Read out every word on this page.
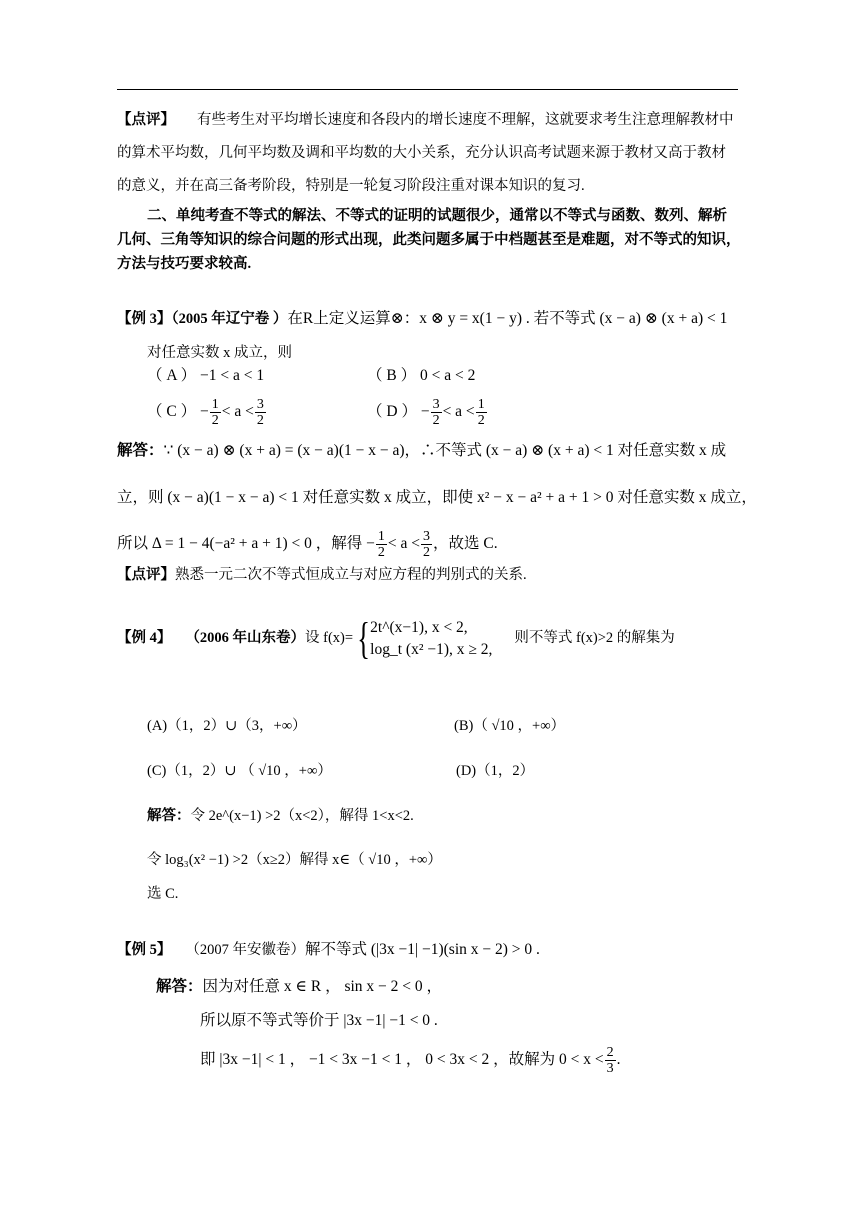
【点评】 有些考生对平均增长速度和各段内的增长速度不理解，这就要求考生注意理解教材中
的算术平均数，几何平均数及调和平均数的大小关系，充分认识高考试题来源于教材又高于教材
的意义，并在高三备考阶段，特别是一轮复习阶段注重对课本知识的复习.
二、单纯考查不等式的解法、不等式的证明的试题很少，通常以不等式与函数、数列、解析
几何、三角等知识的综合问题的形式出现，此类问题多属于中档题甚至是难题，对不等式的知识，
方法与技巧要求较高.
【例 3】（2005 年辽宁卷 ）在R上定义运算⊗：x ⊗ y = x(1 − y) . 若不等式 (x − a) ⊗ (x + a) < 1
对任意实数 x 成立，则
（ A ） −1 < a < 1	（ B ） 0 < a < 2
（ C ） − $\frac{1}{2} < a < \frac{3}{2}$	（ D ） − $\frac{3}{2} < a < \frac{1}{2}$
解答：∵ (x − a) ⊗ (x + a) = (x − a)(1 − x − a)，∴不等式 (x − a) ⊗ (x + a) < 1 对任意实数 x 成
立，则 (x − a)(1 − x − a) < 1 对任意实数 x 成立，即使 x² − x − a² + a + 1 > 0 对任意实数 x 成立，
所以 Δ = 1 − 4(−a² + a + 1) < 0 ，解得 − $\frac{1}{2} < a < \frac{3}{2}$ ，故选 C.
【点评】熟悉一元二次不等式恒成立与对应方程的判别式的关系.
【例 4】 （2006 年山东卷）设 f(x)={ 2t^(x−1), x < 2,
log_t (x² −1), x ≥ 2,
则不等式 f(x)>2 的解集为
(A)（1，2）∪（3，+∞）	(B)（ √10 ，+∞）
(C)（1，2）∪ （ √10 ，+∞）	(D)（1，2）
解答：令 2e^(x−1) >2（x<2），解得 1<x<2.
令 log₃(x² −1) >2（x≥2）解得 x∈（ √10 ，+∞）
选 C.
【例 5】 （2007 年安徽卷）解不等式 (|3x −1| −1)(sin x − 2) > 0 .
解答：因为对任意 x ∈ R ， sin x − 2 < 0 ，
所以原不等式等价于 |3x −1| −1 < 0 .
即 |3x −1| < 1 ， −1 < 3x −1 < 1 ， 0 < 3x < 2 ，故解为 $0 < x < \frac{2}{3}$ .
